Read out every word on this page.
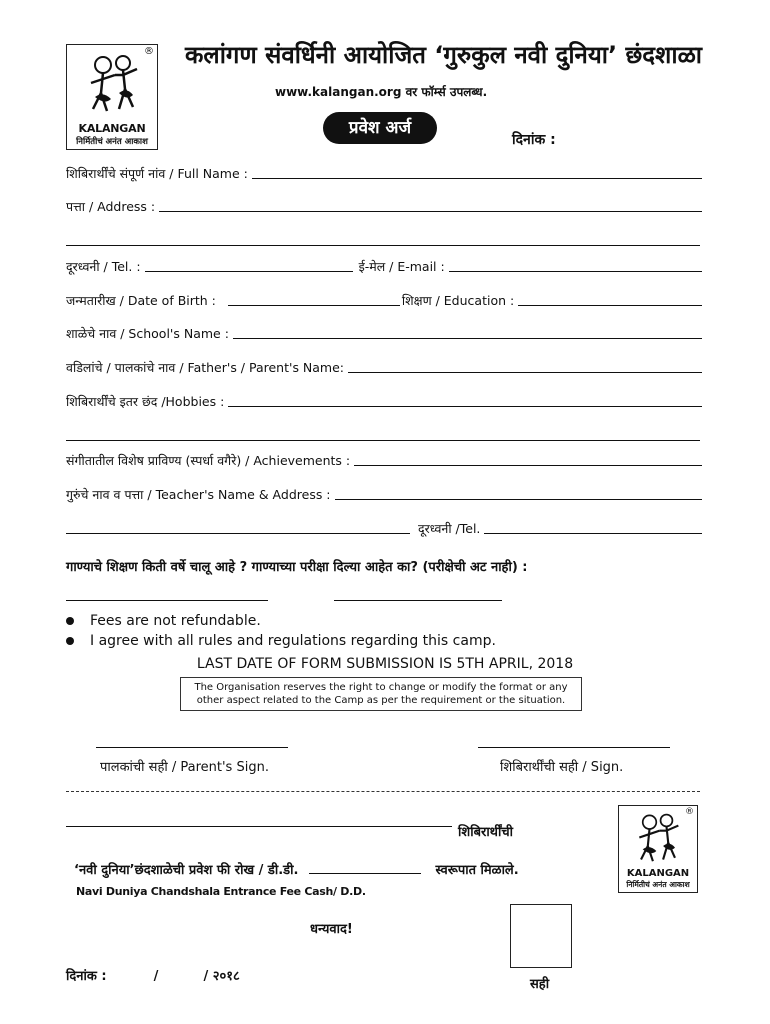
®
KALANGAN
निर्मितीचं अनंत आकाश
कलांगण संवर्धिनी आयोजित ‘गुरुकुल नवी दुनिया’ छंदशाळा
www.kalangan.org वर फॉर्म्स उपलब्ध.
प्रवेश अर्ज
दिनांक :
शिबिरार्थींचे संपूर्ण नांव / Full Name :
पत्ता / Address :
दूरध्वनी / Tel. :	ई-मेल / E-mail :
जन्मतारीख / Date of Birth :	शिक्षण / Education :
शाळेचे नाव / School's Name :
वडिलांचे / पालकांचे नाव / Father's / Parent's Name:
शिबिरार्थींचे इतर छंद /Hobbies :
संगीतातील विशेष प्राविण्य (स्पर्धा वगैरे) / Achievements :
गुरुंचे नाव व पत्ता / Teacher's Name & Address :
दूरध्वनी /Tel.
गाण्याचे शिक्षण किती वर्षे चालू आहे ? गाण्याच्या परीक्षा दिल्या आहेत का? (परीक्षेची अट नाही) :
Fees are not refundable.
I agree with all rules and regulations regarding this camp.
LAST DATE OF FORM SUBMISSION IS 5TH APRIL, 2018
The Organisation reserves the right to change or modify the format or any other aspect related to the Camp as per the requirement or the situation.
पालकांची सही / Parent's Sign.	शिबिरार्थींची सही / Sign.
शिबिरार्थींची
‘नवी दुनिया’छंदशाळेची प्रवेश फी रोख / डी.डी.	स्वरूपात मिळाले.
Navi Duniya Chandshala Entrance Fee Cash/ D.D.
®
KALANGAN
निर्मितीचं अनंत आकाश
धन्यवाद!
दिनांक :	/	/ २०१८
सही
